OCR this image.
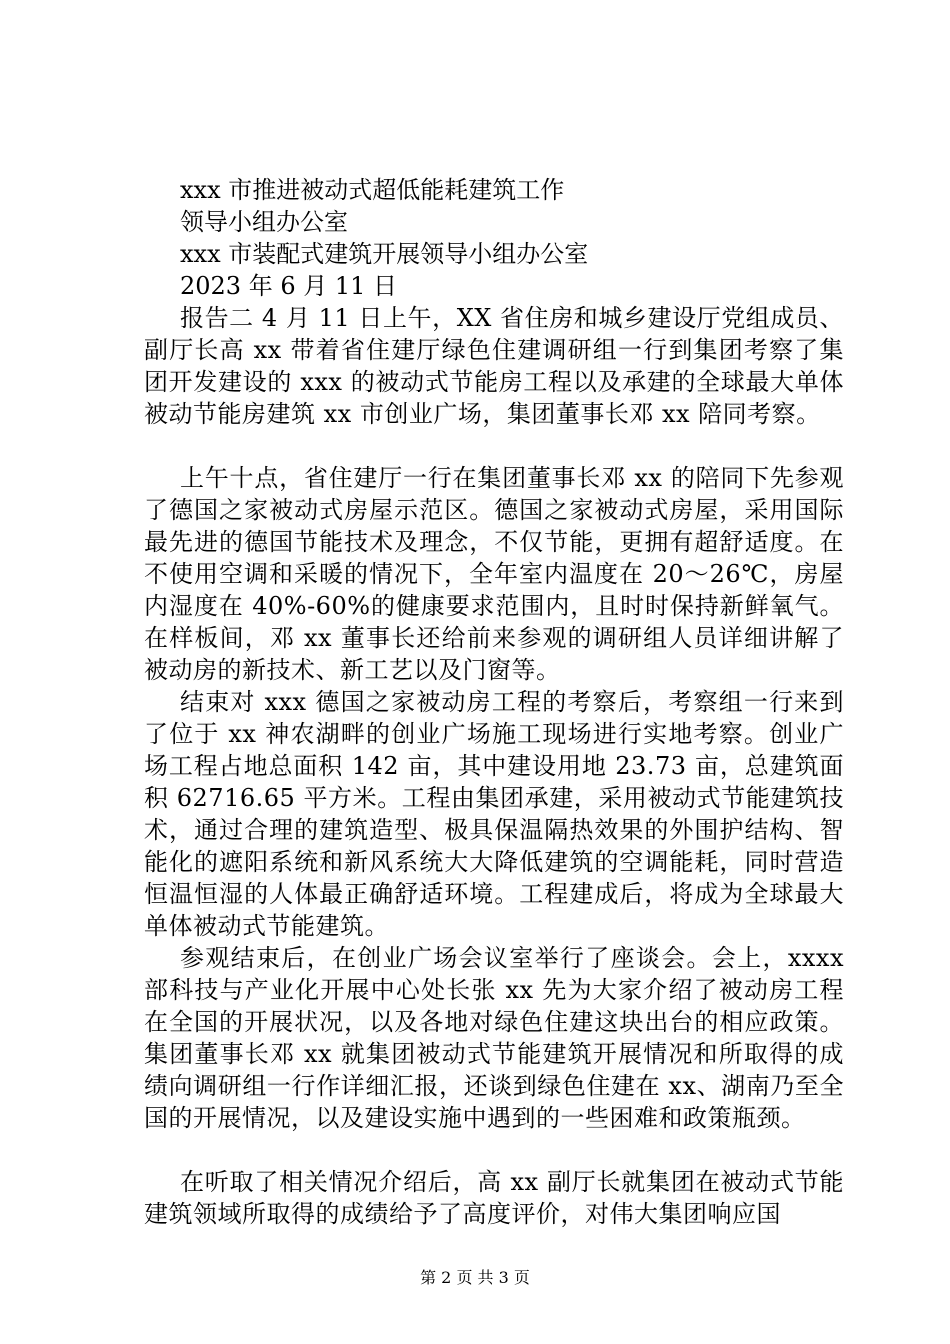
xxx 市推进被动式超低能耗建筑工作

领导小组办公室

xxx 市装配式建筑开展领导小组办公室

2023 年 6 月 11 日

报告二 4 月 11 日上午，XX 省住房和城乡建设厅党组成员、副厅长高 xx 带着省住建厅绿色住建调研组一行到集团考察了集团开发建设的 xxx 的被动式节能房工程以及承建的全球最大单体被动节能房建筑 xx 市创业广场，集团董事长邓 xx 陪同考察。

上午十点，省住建厅一行在集团董事长邓 xx 的陪同下先参观了德国之家被动式房屋示范区。德国之家被动式房屋，采用国际最先进的德国节能技术及理念，不仅节能，更拥有超舒适度。在不使用空调和采暖的情况下，全年室内温度在 20～26℃，房屋内湿度在 40%-60%的健康要求范围内，且时时保持新鲜氧气。在样板间，邓 xx 董事长还给前来参观的调研组人员详细讲解了被动房的新技术、新工艺以及门窗等。

结束对 xxx 德国之家被动房工程的考察后，考察组一行来到了位于 xx 神农湖畔的创业广场施工现场进行实地考察。创业广场工程占地总面积 142 亩，其中建设用地 23.73 亩，总建筑面积 62716.65 平方米。工程由集团承建，采用被动式节能建筑技术，通过合理的建筑造型、极具保温隔热效果的外围护结构、智能化的遮阳系统和新风系统大大降低建筑的空调能耗，同时营造恒温恒湿的人体最正确舒适环境。工程建成后，将成为全球最大单体被动式节能建筑。

参观结束后，在创业广场会议室举行了座谈会。会上，xxxx 部科技与产业化开展中心处长张 xx 先为大家介绍了被动房工程在全国的开展状况，以及各地对绿色住建这块出台的相应政策。集团董事长邓 xx 就集团被动式节能建筑开展情况和所取得的成绩向调研组一行作详细汇报，还谈到绿色住建在 xx、湖南乃至全国的开展情况，以及建设实施中遇到的一些困难和政策瓶颈。

在听取了相关情况介绍后，高 xx 副厅长就集团在被动式节能建筑领域所取得的成绩给予了高度评价，对伟大集团响应国

第 2 页 共 3 页
